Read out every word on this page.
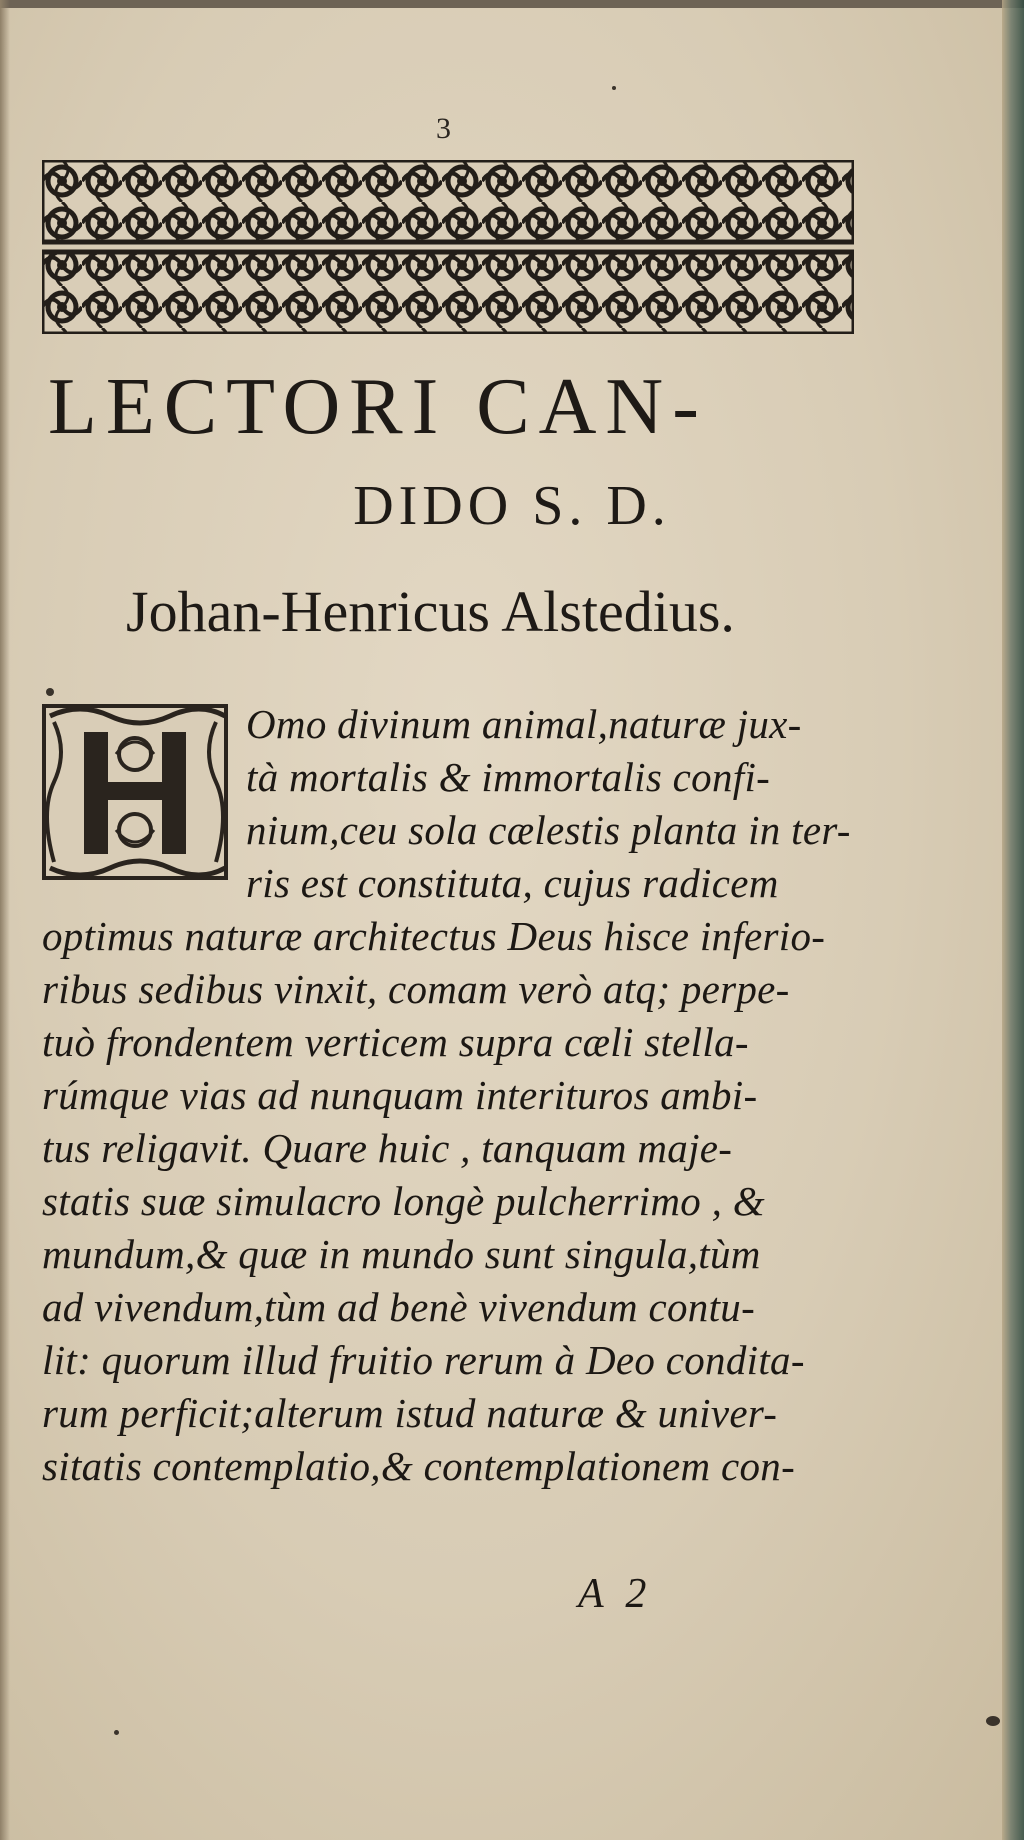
3
LECTORI CAN-
DIDO S. D.
Johan-Henricus Alstedius.
H	Omo divinum animal,naturæ jux-
tà mortalis & immortalis confi-
nium,ceu sola cælestis planta in ter-
ris est constituta, cujus radicem
optimus naturæ architectus Deus hisce inferio-
ribus sedibus vinxit, comam verò atq; perpe-
tuò frondentem verticem supra cæli stella-
rúmque vias ad nunquam interituros ambi-
tus religavit. Quare huic , tanquam maje-
statis suæ simulacro longè pulcherrimo , &
mundum,& quæ in mundo sunt singula,tùm
ad vivendum,tùm ad benè vivendum contu-
lit: quorum illud fruitio rerum à Deo condita-
rum perficit;alterum istud naturæ & univer-
sitatis contemplatio,& contemplationem con-
A 2
